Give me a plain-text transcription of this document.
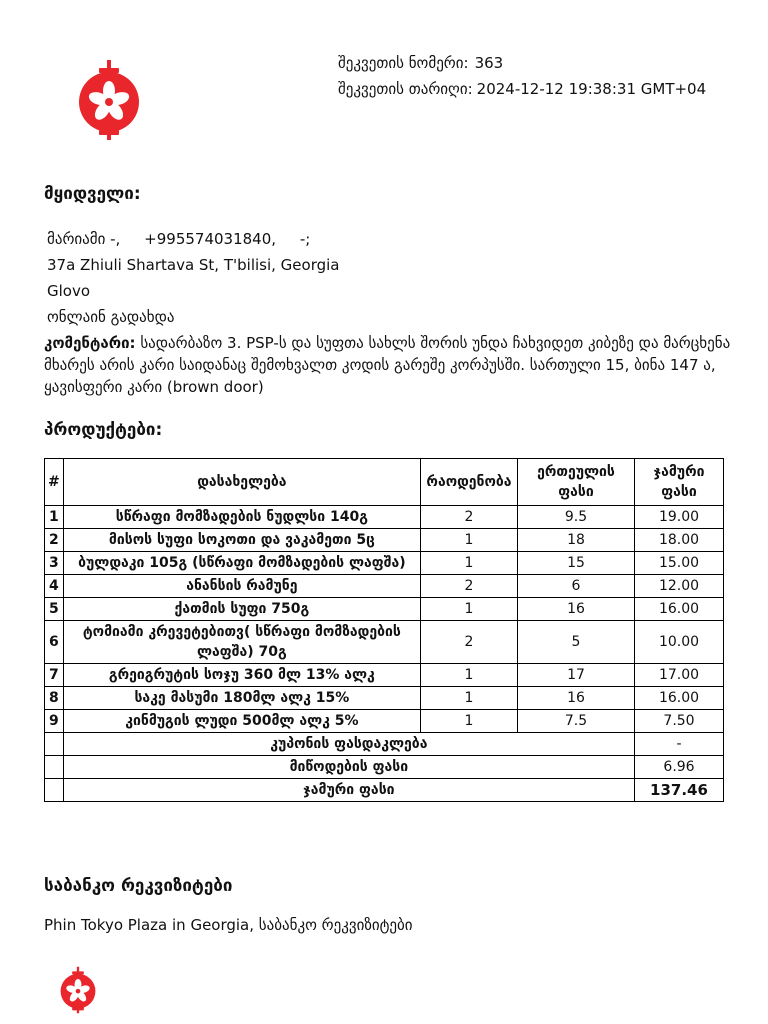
შეკვეთის ნომერი: 363
შეკვეთის თარიღი: 2024-12-12 19:38:31 GMT+04
მყიდველი:
მარიამი -,     +995574031840,     -;
37a Zhiuli Shartava St, T'bilisi, Georgia
Glovo
ონლაინ გადახდა
კომენტარი: სადარბაზო 3. PSP-ს და სუფთა სახლს შორის უნდა ჩახვიდეთ კიბეზე და მარცხენა მხარეს არის კარი საიდანაც შემოხვალთ კოდის გარეშე კორპუსში. სართული 15, ბინა 147 ა, ყავისფერი კარი (brown door)
პროდუქტები:
#	დასახელება	რაოდენობა	ერთეულის ფასი	ჯამური ფასი
1	სწრაფი მომზადების ნუდლსი 140გ	2	9.5	19.00
2	მისოს სუფი სოკოთი და ვაკამეთი 5ც	1	18	18.00
3	ბულდაკი 105გ (სწრაფი მომზადების ლაფშა)	1	15	15.00
4	ანანსის რამუნე	2	6	12.00
5	ქათმის სუფი 750გ	1	16	16.00
6	ტომიამი კრევეტებითვ( სწრაფი მომზადების ლაფშა) 70გ	2	5	10.00
7	გრეიგრუტის სოჯუ 360 მლ 13% ალკ	1	17	17.00
8	საკე მასუმი 180მლ ალკ 15%	1	16	16.00
9	კინმუგის ლუდი 500მლ ალკ 5%	1	7.5	7.50
	კუპონის ფასდაკლება			-
	მიწოდების ფასი			6.96
	ჯამური ფასი			137.46
საბანკო რეკვიზიტები
Phin Tokyo Plaza in Georgia, საბანკო რეკვიზიტები
